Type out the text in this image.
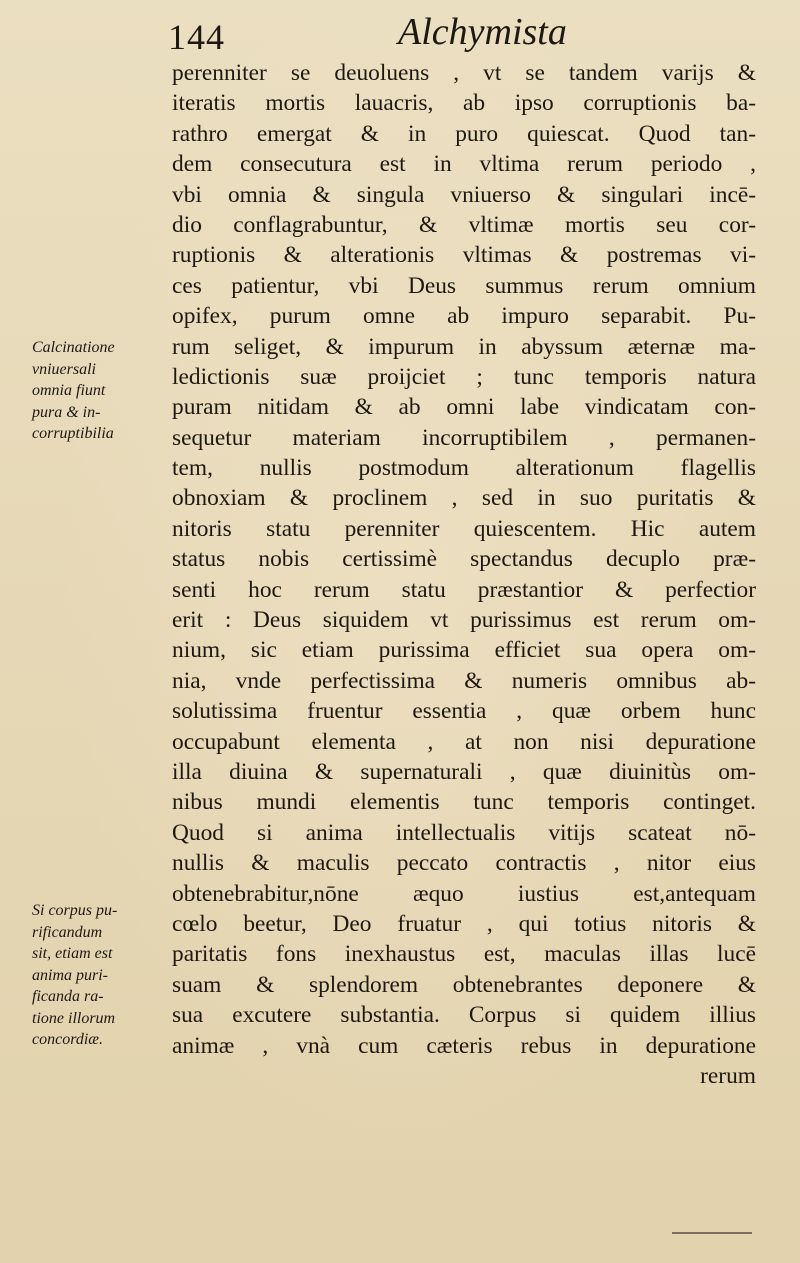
144	Alchymista
Calcinatione
vniuersali
omnia fiunt
pura & in-
corruptibilia
Si corpus pu-
rificandum
sit, etiam est
anima puri-
ficanda ra-
tione illorum
concordiæ.
perenniter se deuoluens , vt se tandem varijs &
iteratis mortis lauacris, ab ipso corruptionis ba-
rathro emergat & in puro quiescat. Quod tan-
dem consecutura est in vltima rerum periodo ,
vbi omnia & singula vniuerso & singulari incē-
dio conflagrabuntur, & vltimæ mortis seu cor-
ruptionis & alterationis vltimas & postremas vi-
ces patientur, vbi Deus summus rerum omnium
opifex, purum omne ab impuro separabit. Pu-
rum seliget, & impurum in abyssum æternæ ma-
ledictionis suæ proijciet ; tunc temporis natura
puram nitidam & ab omni labe vindicatam con-
sequetur materiam incorruptibilem , permanen-
tem, nullis postmodum alterationum flagellis
obnoxiam & proclinem , sed in suo puritatis &
nitoris statu perenniter quiescentem. Hic autem
status nobis certissimè spectandus decuplo præ-
senti hoc rerum statu præstantior & perfectior
erit : Deus siquidem vt purissimus est rerum om-
nium, sic etiam purissima efficiet sua opera om-
nia, vnde perfectissima & numeris omnibus ab-
solutissima fruentur essentia , quæ orbem hunc
occupabunt elementa , at non nisi depuratione
illa diuina & supernaturali , quæ diuinitùs om-
nibus mundi elementis tunc temporis continget.
Quod si anima intellectualis vitijs scateat nō-
nullis & maculis peccato contractis , nitor eius
obtenebrabitur,nōne æquo iustius est,antequam
cœlo beetur, Deo fruatur , qui totius nitoris &
paritatis fons inexhaustus est, maculas illas lucē
suam & splendorem obtenebrantes deponere &
sua excutere substantia. Corpus si quidem illius
animæ , vnà cum cæteris rebus in depuratione
rerum
